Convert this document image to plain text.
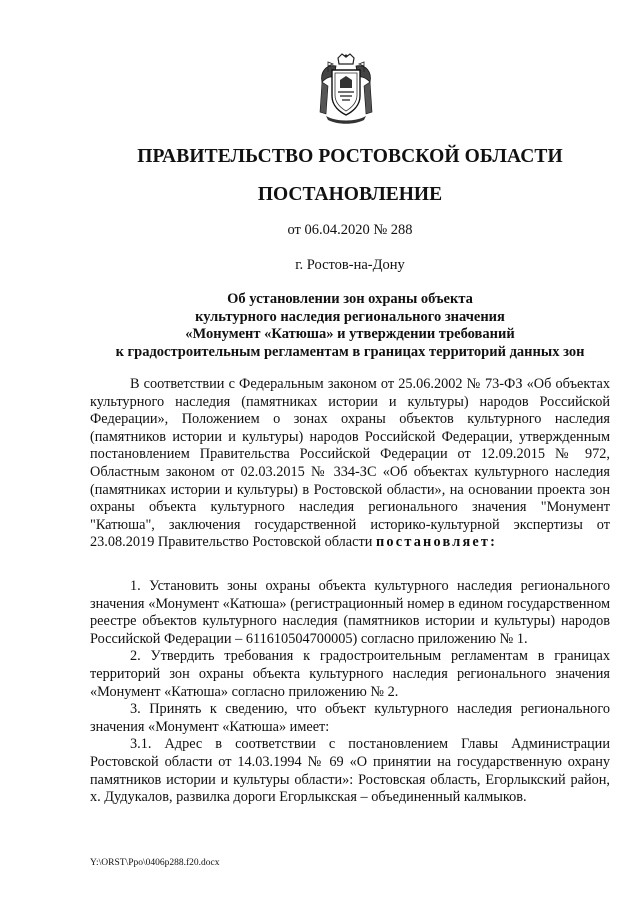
ПРАВИТЕЛЬСТВО РОСТОВСКОЙ ОБЛАСТИ
ПОСТАНОВЛЕНИЕ
от 06.04.2020 № 288
г. Ростов-на-Дону
Об установлении зон охраны объекта
культурного наследия регионального значения
«Монумент «Катюша» и утверждении требований
к градостроительным регламентам в границах территорий данных зон

В соответствии с Федеральным законом от 25.06.2002 № 73-ФЗ «Об объектах культурного наследия (памятниках истории и культуры) народов Российской Федерации», Положением о зонах охраны объектов культурного наследия (памятников истории и культуры) народов Российской Федерации, утвержденным постановлением Правительства Российской Федерации от 12.09.2015 № 972, Областным законом от 02.03.2015 № 334-ЗС «Об объектах культурного наследия (памятниках истории и культуры) в Ростовской области», на основании проекта зон охраны объекта культурного наследия регионального значения "Монумент "Катюша", заключения государственной историко-культурной экспертизы от 23.08.2019 Правительство Ростовской области постановляет:

1. Установить зоны охраны объекта культурного наследия регионального значения «Монумент «Катюша» (регистрационный номер в едином государственном реестре объектов культурного наследия (памятников истории и культуры) народов Российской Федерации – 611610504700005) согласно приложению № 1.

2. Утвердить требования к градостроительным регламентам в границах территорий зон охраны объекта культурного наследия регионального значения «Монумент «Катюша» согласно приложению № 2.

3. Принять к сведению, что объект культурного наследия регионального значения «Монумент «Катюша» имеет:

3.1. Адрес в соответствии с постановлением Главы Администрации Ростовской области от 14.03.1994 № 69 «О принятии на государственную охрану памятников истории и культуры области»: Ростовская область, Егорлыкский район, х. Дудукалов, развилка дороги Егорлыкская – объединенный калмыков.

Y:\ORST\Ppo\0406p288.f20.docx
